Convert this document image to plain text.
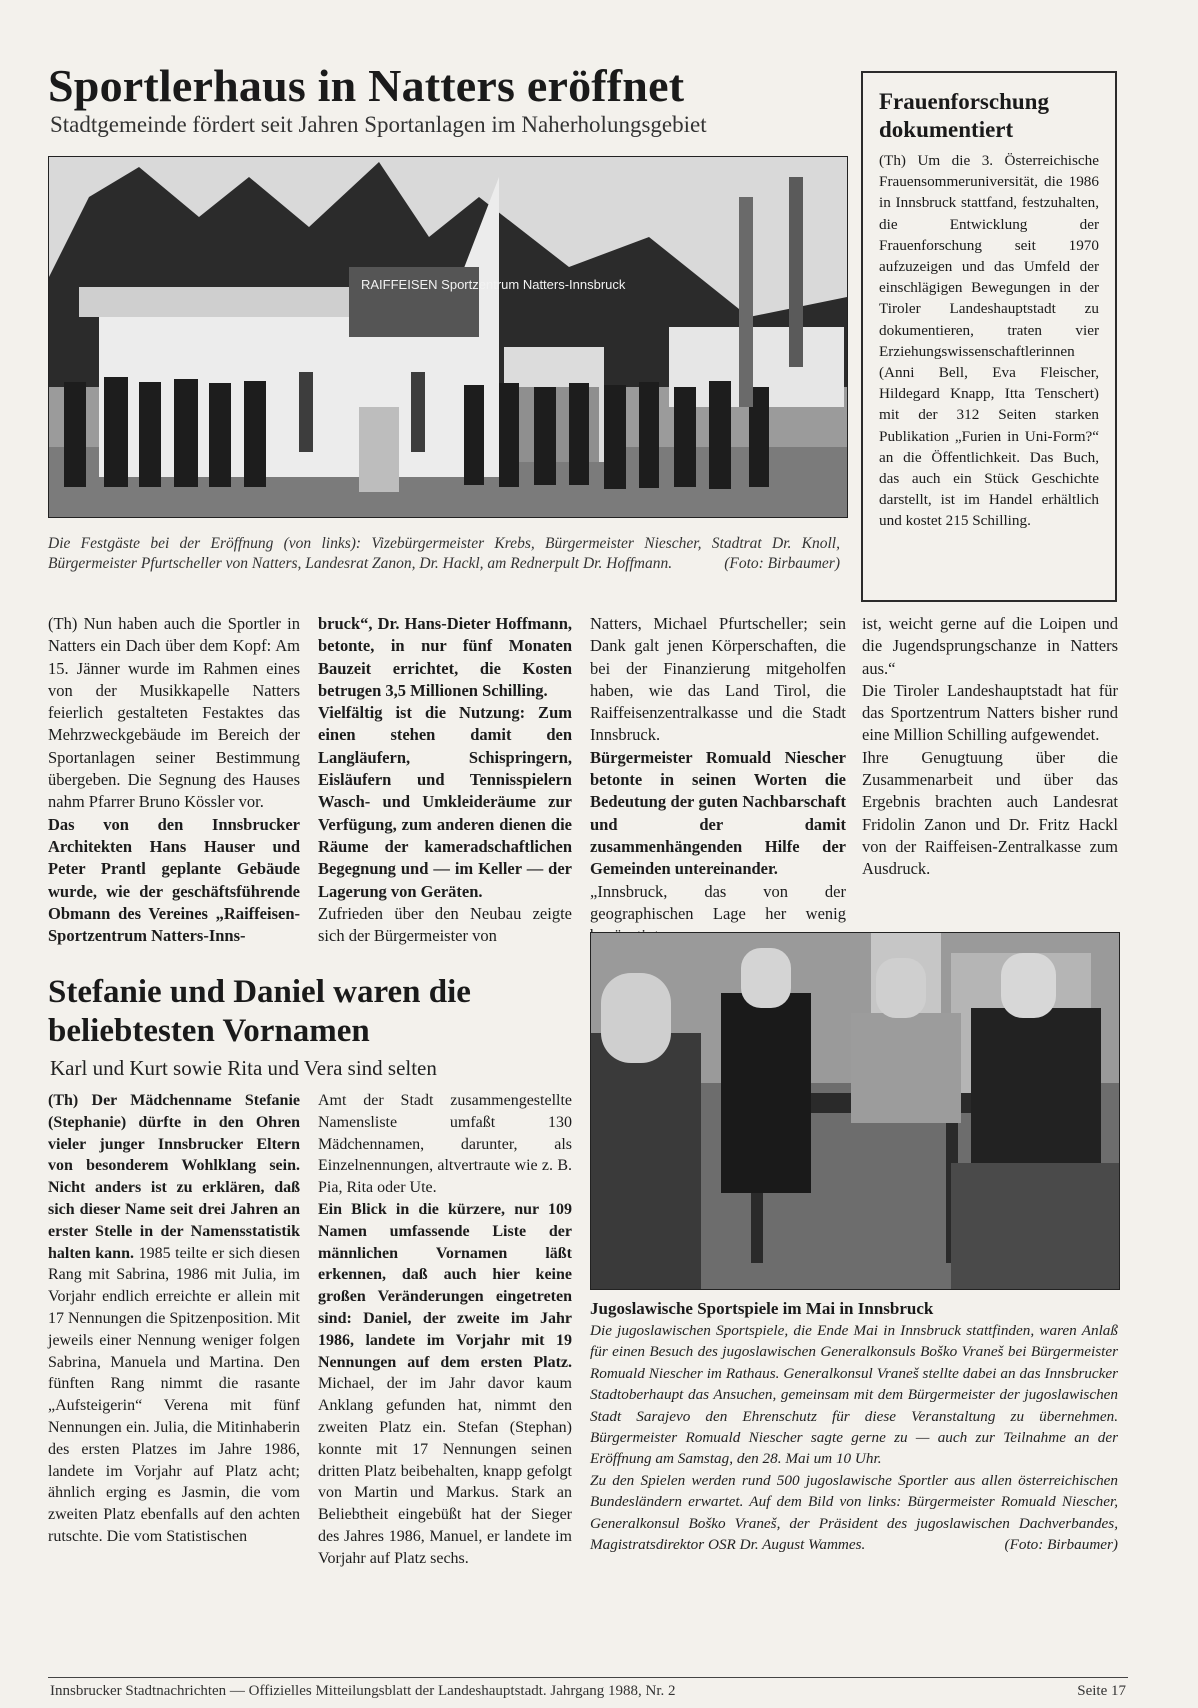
Sportlerhaus in Natters eröffnet
Stadtgemeinde fördert seit Jahren Sportanlagen im Naherholungsgebiet
RAIFFEISEN Sportzentrum Natters-Innsbruck
Die Festgäste bei der Eröffnung (von links): Vizebürgermeister Krebs, Bürgermeister Niescher, Stadtrat Dr. Knoll, Bürgermeister Pfurtscheller von Natters, Landesrat Zanon, Dr. Hackl, am Rednerpult Dr. Hoffmann.	(Foto: Birbaumer)
Frauenforschung dokumentiert
(Th) Um die 3. Österreichische Frauensommeruniversität, die 1986 in Innsbruck stattfand, festzuhalten, die Entwicklung der Frauenforschung seit 1970 aufzuzeigen und das Umfeld der einschlägigen Bewegungen in der Tiroler Landeshauptstadt zu dokumentieren, traten vier Erziehungswissenschaftlerinnen (Anni Bell, Eva Fleischer, Hildegard Knapp, Itta Tenschert) mit der 312 Seiten starken Publikation „Furien in Uni-Form?“ an die Öffentlichkeit. Das Buch, das auch ein Stück Geschichte darstellt, ist im Handel erhältlich und kostet 215 Schilling.

(Th) Nun haben auch die Sportler in Natters ein Dach über dem Kopf: Am 15. Jänner wurde im Rahmen eines von der Musikkapelle Natters feierlich gestalteten Festaktes das Mehrzweckgebäude im Bereich der Sportanlagen seiner Bestimmung übergeben. Die Segnung des Hauses nahm Pfarrer Bruno Kössler vor.

Das von den Innsbrucker Architekten Hans Hauser und Peter Prantl geplante Gebäude wurde, wie der geschäftsführende Obmann des Vereines „Raiffeisen-Sportzentrum Natters-Inns-

bruck“, Dr. Hans-Dieter Hoffmann, betonte, in nur fünf Monaten Bauzeit errichtet, die Kosten betrugen 3,5 Millionen Schilling.

Vielfältig ist die Nutzung: Zum einen stehen damit den Langläufern, Schispringern, Eisläufern und Tennisspielern Wasch- und Umkleideräume zur Verfügung, zum anderen dienen die Räume der kameradschaftlichen Begegnung und — im Keller — der Lagerung von Geräten.

Zufrieden über den Neubau zeigte sich der Bürgermeister von

Natters, Michael Pfurtscheller; sein Dank galt jenen Körperschaften, die bei der Finanzierung mitgeholfen haben, wie das Land Tirol, die Raiffeisenzentralkasse und die Stadt Innsbruck.

Bürgermeister Romuald Niescher betonte in seinen Worten die Bedeutung der guten Nachbarschaft und der damit zusammenhängenden Hilfe der Gemeinden untereinander.

„Innsbruck, das von der geographischen Lage her wenig

ist, weicht gerne auf die Loipen und die Jugendsprungschanze in Natters aus.“

Die Tiroler Landeshauptstadt hat für das Sportzentrum Natters bisher rund eine Million Schilling aufgewendet.

Ihre Genugtuung über die Zusammenarbeit und über das Ergebnis brachten auch Landesrat Fridolin Zanon und Dr. Fritz Hackl von der Raiffeisen-Zentralkasse zum Ausdruck.

Stefanie und Daniel waren die beliebtesten Vornamen
Karl und Kurt sowie Rita und Vera sind selten

(Th) Der Mädchenname Stefanie (Stephanie) dürfte in den Ohren vieler junger Innsbrucker Eltern von besonderem Wohlklang sein. Nicht anders ist zu erklären, daß sich dieser Name seit drei Jahren an erster Stelle in der Namensstatistik halten kann. 1985 teilte er sich diesen Rang mit Sabrina, 1986 mit Julia, im Vorjahr endlich erreichte er allein mit 17 Nennungen die Spitzenposition. Mit jeweils einer Nennung weniger folgen Sabrina, Manuela und Martina. Den fünften Rang nimmt die rasante „Aufsteigerin“ Verena mit fünf Nennungen ein. Julia, die Mitinhaberin des ersten Platzes im Jahre 1986, landete im Vorjahr auf Platz acht; ähnlich erging es Jasmin, die vom zweiten Platz ebenfalls auf den achten rutschte. Die vom Statistischen

Amt der Stadt zusammengestellte Namensliste umfaßt 130 Mädchennamen, darunter, als Einzelnennungen, altvertraute wie z. B. Pia, Rita oder Ute.

Ein Blick in die kürzere, nur 109 Namen umfassende Liste der männlichen Vornamen läßt erkennen, daß auch hier keine großen Veränderungen eingetreten sind: Daniel, der zweite im Jahr 1986, landete im Vorjahr mit 19 Nennungen auf dem ersten Platz. Michael, der im Jahr davor kaum Anklang gefunden hat, nimmt den zweiten Platz ein. Stefan (Stephan) konnte mit 17 Nennungen seinen dritten Platz beibehalten, knapp gefolgt von Martin und Markus. Stark an Beliebtheit eingebüßt hat der Sieger des Jahres 1986, Manuel, er landete im Vorjahr auf Platz sechs.

Jugoslawische Sportspiele im Mai in Innsbruck
Die jugoslawischen Sportspiele, die Ende Mai in Innsbruck stattfinden, waren Anlaß für einen Besuch des jugoslawischen Generalkonsuls Boško Vraneš bei Bürgermeister Romuald Niescher im Rathaus. Generalkonsul Vraneš stellte dabei an das Innsbrucker Stadtoberhaupt das Ansuchen, gemeinsam mit dem Bürgermeister der jugoslawischen Stadt Sarajevo den Ehrenschutz für diese Veranstaltung zu übernehmen. Bürgermeister Romuald Niescher sagte gerne zu — auch zur Teilnahme an der Eröffnung am Samstag, den 28. Mai um 10 Uhr.
Zu den Spielen werden rund 500 jugoslawische Sportler aus allen österreichischen Bundesländern erwartet. Auf dem Bild von links: Bürgermeister Romuald Niescher, Generalkonsul Boško Vraneš, der Präsident des jugoslawischen Dachverbandes, Magistratsdirektor OSR Dr. August Wammes.	(Foto: Birbaumer)
Innsbrucker Stadtnachrichten — Offizielles Mitteilungsblatt der Landeshauptstadt. Jahrgang 1988, Nr. 2	Seite 17
